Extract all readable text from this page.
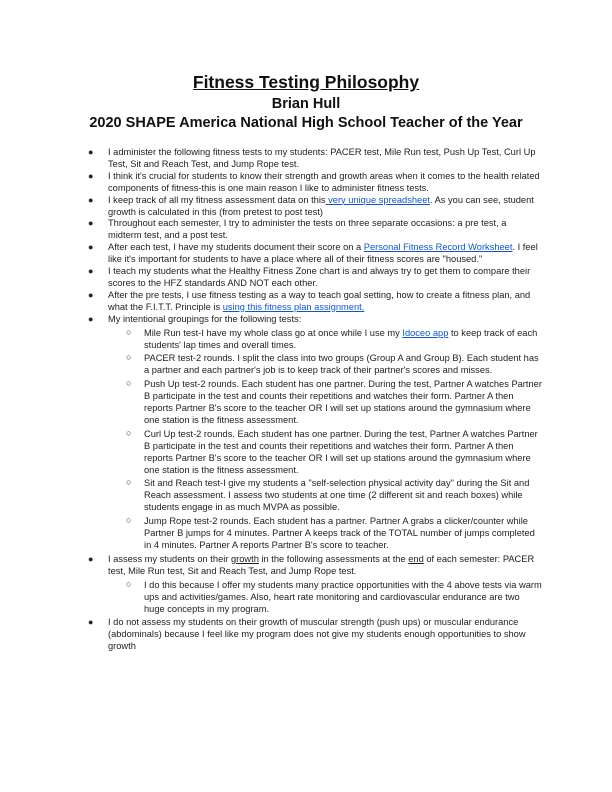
Fitness Testing Philosophy
Brian Hull
2020 SHAPE America National High School Teacher of the Year
● I administer the following fitness tests to my students: PACER test, Mile Run test, Push Up Test, Curl Up Test, Sit and Reach Test, and Jump Rope test.
● I think it's crucial for students to know their strength and growth areas when it comes to the health related components of fitness-this is one main reason I like to administer fitness tests.
● I keep track of all my fitness assessment data on this very unique spreadsheet. As you can see, student growth is calculated in this (from pretest to post test)
● Throughout each semester, I try to administer the tests on three separate occasions: a pre test, a midterm test, and a post test.
● After each test, I have my students document their score on a Personal Fitness Record Worksheet. I feel like it's important for students to have a place where all of their fitness scores are "housed."
● I teach my students what the Healthy Fitness Zone chart is and always try to get them to compare their scores to the HFZ standards AND NOT each other.
● After the pre tests, I use fitness testing as a way to teach goal setting, how to create a fitness plan, and what the F.I.T.T. Principle is using this fitness plan assignment.
● My intentional groupings for the following tests:
○ Mile Run test-I have my whole class go at once while I use my Idoceo app to keep track of each students' lap times and overall times.
○ PACER test-2 rounds. I split the class into two groups (Group A and Group B). Each student has a partner and each partner's job is to keep track of their partner's scores and misses.
○ Push Up test-2 rounds. Each student has one partner. During the test, Partner A watches Partner B participate in the test and counts their repetitions and watches their form. Partner A then reports Partner B's score to the teacher OR I will set up stations around the gymnasium where one station is the fitness assessment.
○ Curl Up test-2 rounds. Each student has one partner. During the test, Partner A watches Partner B participate in the test and counts their repetitions and watches their form. Partner A then reports Partner B's score to the teacher OR I will set up stations around the gymnasium where one station is the fitness assessment.
○ Sit and Reach test-I give my students a "self-selection physical activity day" during the Sit and Reach assessment. I assess two students at one time (2 different sit and reach boxes) while students engage in as much MVPA as possible.
○ Jump Rope test-2 rounds. Each student has a partner. Partner A grabs a clicker/counter while Partner B jumps for 4 minutes. Partner A keeps track of the TOTAL number of jumps completed in 4 minutes. Partner A reports Partner B's score to teacher.
● I assess my students on their growth in the following assessments at the end of each semester: PACER test, Mile Run test, Sit and Reach Test, and Jump Rope test.
○ I do this because I offer my students many practice opportunities with the 4 above tests via warm ups and activities/games. Also, heart rate monitoring and cardiovascular endurance are two huge concepts in my program.
● I do not assess my students on their growth of muscular strength (push ups) or muscular endurance (abdominals) because I feel like my program does not give my students enough opportunities to show growth
